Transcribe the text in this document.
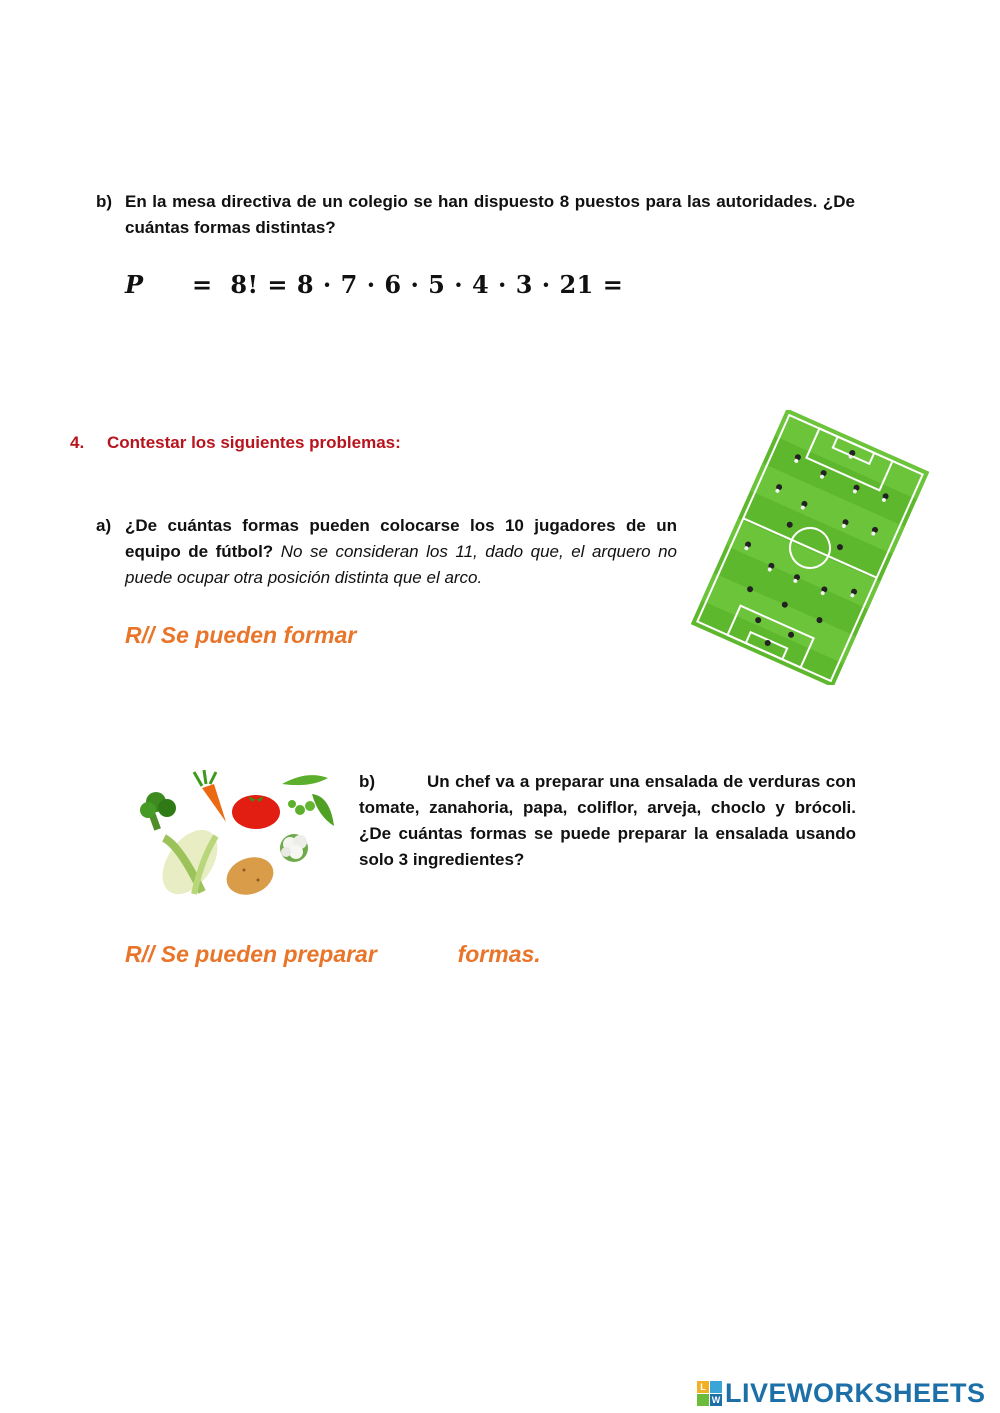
b) En la mesa directiva de un colegio se han dispuesto 8 puestos para las autoridades. ¿De cuántas formas distintas?
P =  8! = 8 · 7 · 6 · 5 · 4 · 3 · 21 =
4. Contestar los siguientes problemas:
a) ¿De cuántas formas pueden colocarse los 10 jugadores de un equipo de fútbol? No se consideran los 11, dado que, el arquero no puede ocupar otra posición distinta que el arco.
R// Se pueden formar
b)	Un chef va a preparar una ensalada de verduras con tomate, zanahoria, papa, coliflor, arveja, choclo y brócoli. ¿De cuántas formas se puede preparar la ensalada usando solo 3 ingredientes?
R// Se pueden preparar	formas.
L
W LIVEWORKSHEETS
